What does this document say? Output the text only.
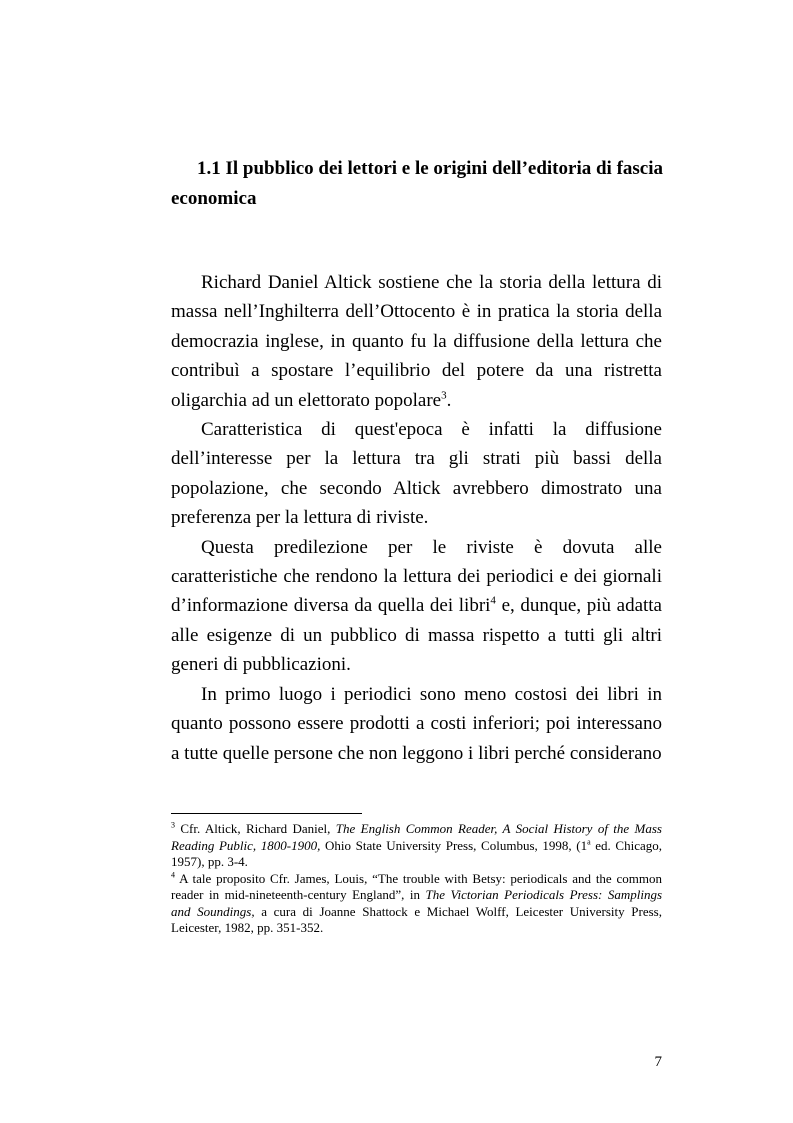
1.1 Il pubblico dei lettori e le origini dell’editoria di fascia economica

Richard Daniel Altick sostiene che la storia della lettura di massa nell’Inghilterra dell’Ottocento è in pratica la storia della democrazia inglese, in quanto fu la diffusione della lettura che contribuì a spostare l’equilibrio del potere da una ristretta oligarchia ad un elettorato popolare$^3$.

Caratteristica di quest'epoca è infatti la diffusione dell’interesse per la lettura tra gli strati più bassi della popolazione, che secondo Altick avrebbero dimostrato una preferenza per la lettura di riviste.

Questa predilezione per le riviste è dovuta alle caratteristiche che rendono la lettura dei periodici e dei giornali d’informazione diversa da quella dei libri$^4$ e, dunque, più adatta alle esigenze di un pubblico di massa rispetto a tutti gli altri generi di pubblicazioni.

In primo luogo i periodici sono meno costosi dei libri in quanto possono essere prodotti a costi inferiori; poi interessano a tutte quelle persone che non leggono i libri perché considerano

$^3$ Cfr. Altick, Richard Daniel, The English Common Reader, A Social History of the Mass Reading Public, 1800-1900, Ohio State University Press, Columbus, 1998, (1$^a$ ed. Chicago, 1957), pp. 3-4.

$^4$ A tale proposito Cfr. James, Louis, “The trouble with Betsy: periodicals and the common reader in mid-nineteenth-century England”, in The Victorian Periodicals Press: Samplings and Soundings, a cura di Joanne Shattock e Michael Wolff, Leicester University Press, Leicester, 1982, pp. 351-352.

7
